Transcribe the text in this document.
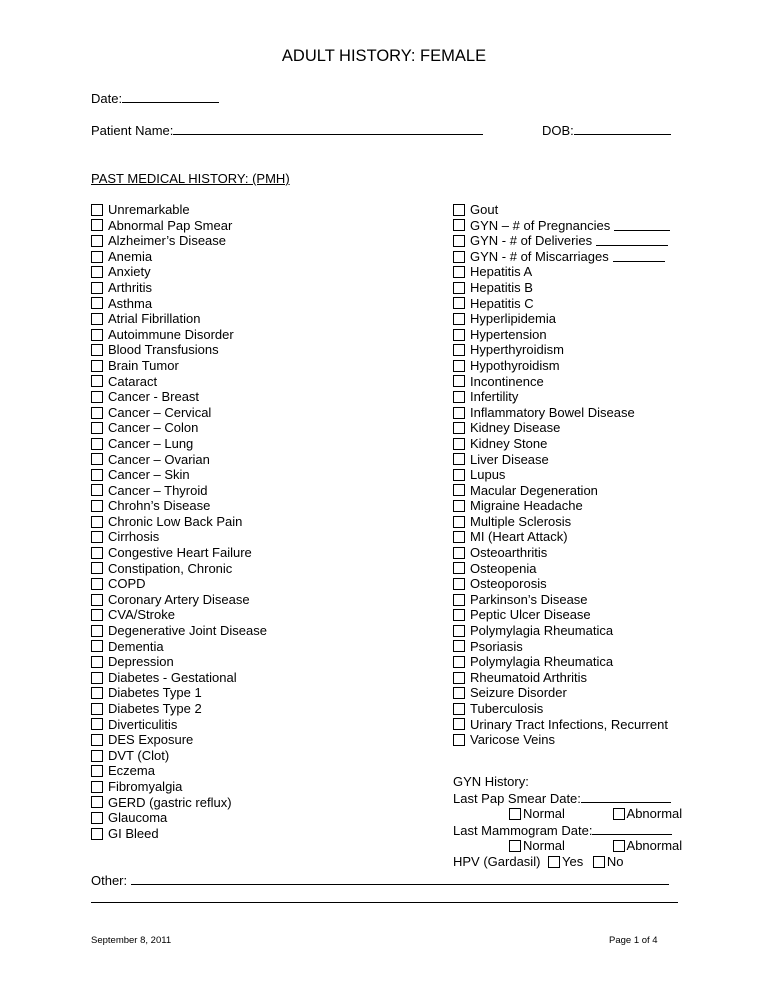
ADULT HISTORY: FEMALE
Date:
Patient Name:	DOB:
PAST MEDICAL HISTORY: (PMH)
Unremarkable
Abnormal Pap Smear
Alzheimer’s Disease
Anemia
Anxiety
Arthritis
Asthma
Atrial Fibrillation
Autoimmune Disorder
Blood Transfusions
Brain Tumor
Cataract
Cancer - Breast
Cancer – Cervical
Cancer – Colon
Cancer – Lung
Cancer – Ovarian
Cancer – Skin
Cancer – Thyroid
Chrohn’s Disease
Chronic Low Back Pain
Cirrhosis
Congestive Heart Failure
Constipation, Chronic
COPD
Coronary Artery Disease
CVA/Stroke
Degenerative Joint Disease
Dementia
Depression
Diabetes - Gestational
Diabetes Type 1
Diabetes Type 2
Diverticulitis
DES Exposure
DVT (Clot)
Eczema
Fibromyalgia
GERD (gastric reflux)
Glaucoma
GI Bleed
Gout
GYN – # of Pregnancies
GYN - # of Deliveries
GYN - # of Miscarriages
Hepatitis A
Hepatitis B
Hepatitis C
Hyperlipidemia
Hypertension
Hyperthyroidism
Hypothyroidism
Incontinence
Infertility
Inflammatory Bowel Disease
Kidney Disease
Kidney Stone
Liver Disease
Lupus
Macular Degeneration
Migraine Headache
Multiple Sclerosis
MI (Heart Attack)
Osteoarthritis
Osteopenia
Osteoporosis
Parkinson’s Disease
Peptic Ulcer Disease
Polymylagia Rheumatica
Psoriasis
Polymylagia Rheumatica
Rheumatoid Arthritis
Seizure Disorder
Tuberculosis
Urinary Tract Infections, Recurrent
Varicose Veins
GYN History:
Last Pap Smear Date:
Normal	Abnormal
Last Mammogram Date:
Normal	Abnormal
HPV (Gardasil) Yes No
Other:
September 8, 2011	Page 1 of 4
